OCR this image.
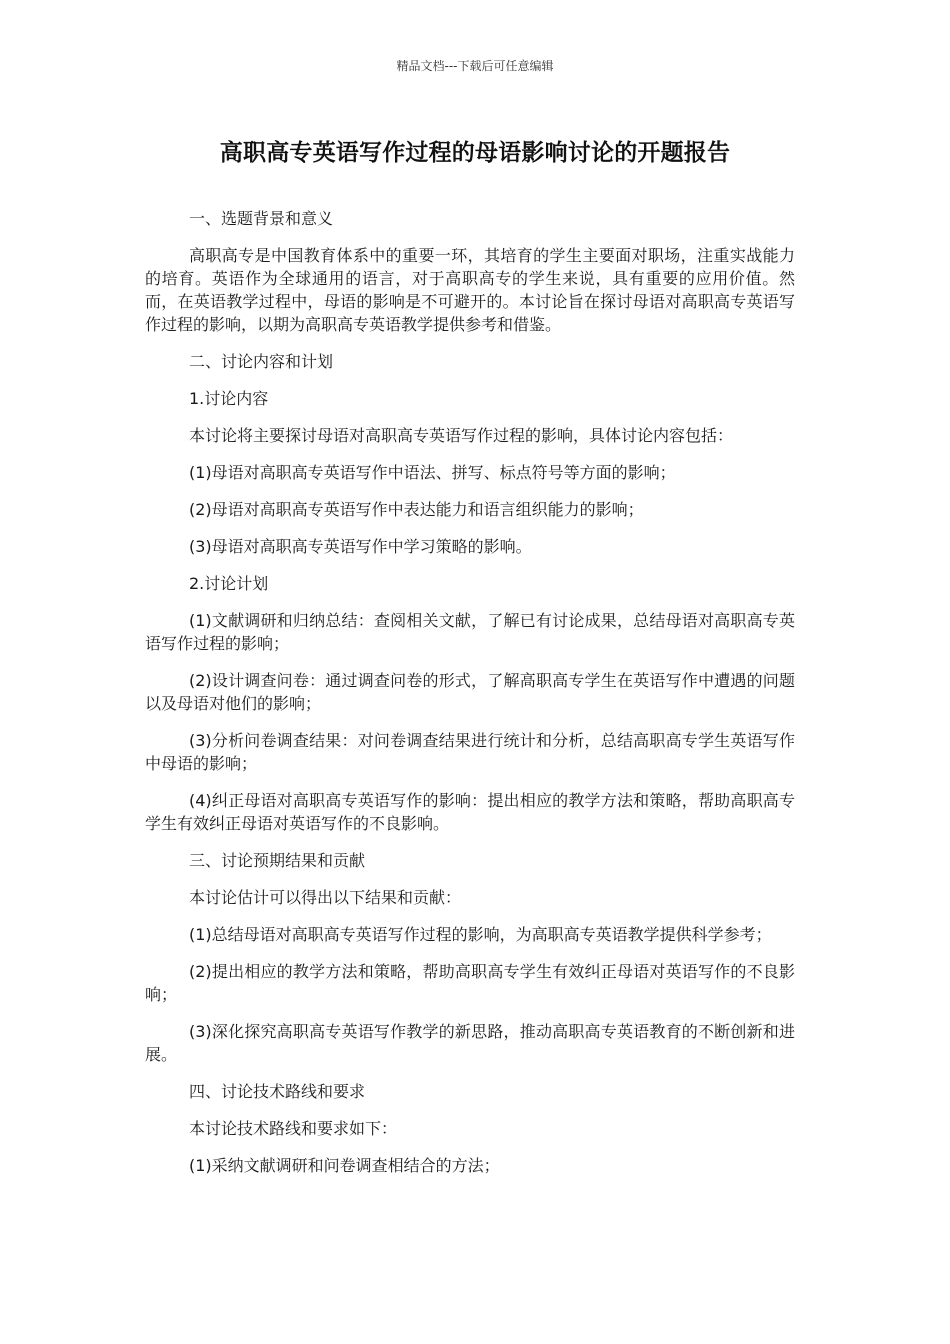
精品文档---下载后可任意编辑
高职高专英语写作过程的母语影响讨论的开题报告

一、选题背景和意义

高职高专是中国教育体系中的重要一环，其培育的学生主要面对职场，注重实战能力的培育。英语作为全球通用的语言，对于高职高专的学生来说，具有重要的应用价值。然而，在英语教学过程中，母语的影响是不可避开的。本讨论旨在探讨母语对高职高专英语写作过程的影响，以期为高职高专英语教学提供参考和借鉴。

二、讨论内容和计划

1.讨论内容

本讨论将主要探讨母语对高职高专英语写作过程的影响，具体讨论内容包括：

(1)母语对高职高专英语写作中语法、拼写、标点符号等方面的影响；

(2)母语对高职高专英语写作中表达能力和语言组织能力的影响；

(3)母语对高职高专英语写作中学习策略的影响。

2.讨论计划

(1)文献调研和归纳总结：查阅相关文献，了解已有讨论成果，总结母语对高职高专英语写作过程的影响；

(2)设计调查问卷：通过调查问卷的形式，了解高职高专学生在英语写作中遭遇的问题以及母语对他们的影响；

(3)分析问卷调查结果：对问卷调查结果进行统计和分析，总结高职高专学生英语写作中母语的影响；

(4)纠正母语对高职高专英语写作的影响：提出相应的教学方法和策略，帮助高职高专学生有效纠正母语对英语写作的不良影响。

三、讨论预期结果和贡献

本讨论估计可以得出以下结果和贡献：

(1)总结母语对高职高专英语写作过程的影响，为高职高专英语教学提供科学参考；

(2)提出相应的教学方法和策略，帮助高职高专学生有效纠正母语对英语写作的不良影响；

(3)深化探究高职高专英语写作教学的新思路，推动高职高专英语教育的不断创新和进展。

四、讨论技术路线和要求

本讨论技术路线和要求如下：

(1)采纳文献调研和问卷调查相结合的方法；
